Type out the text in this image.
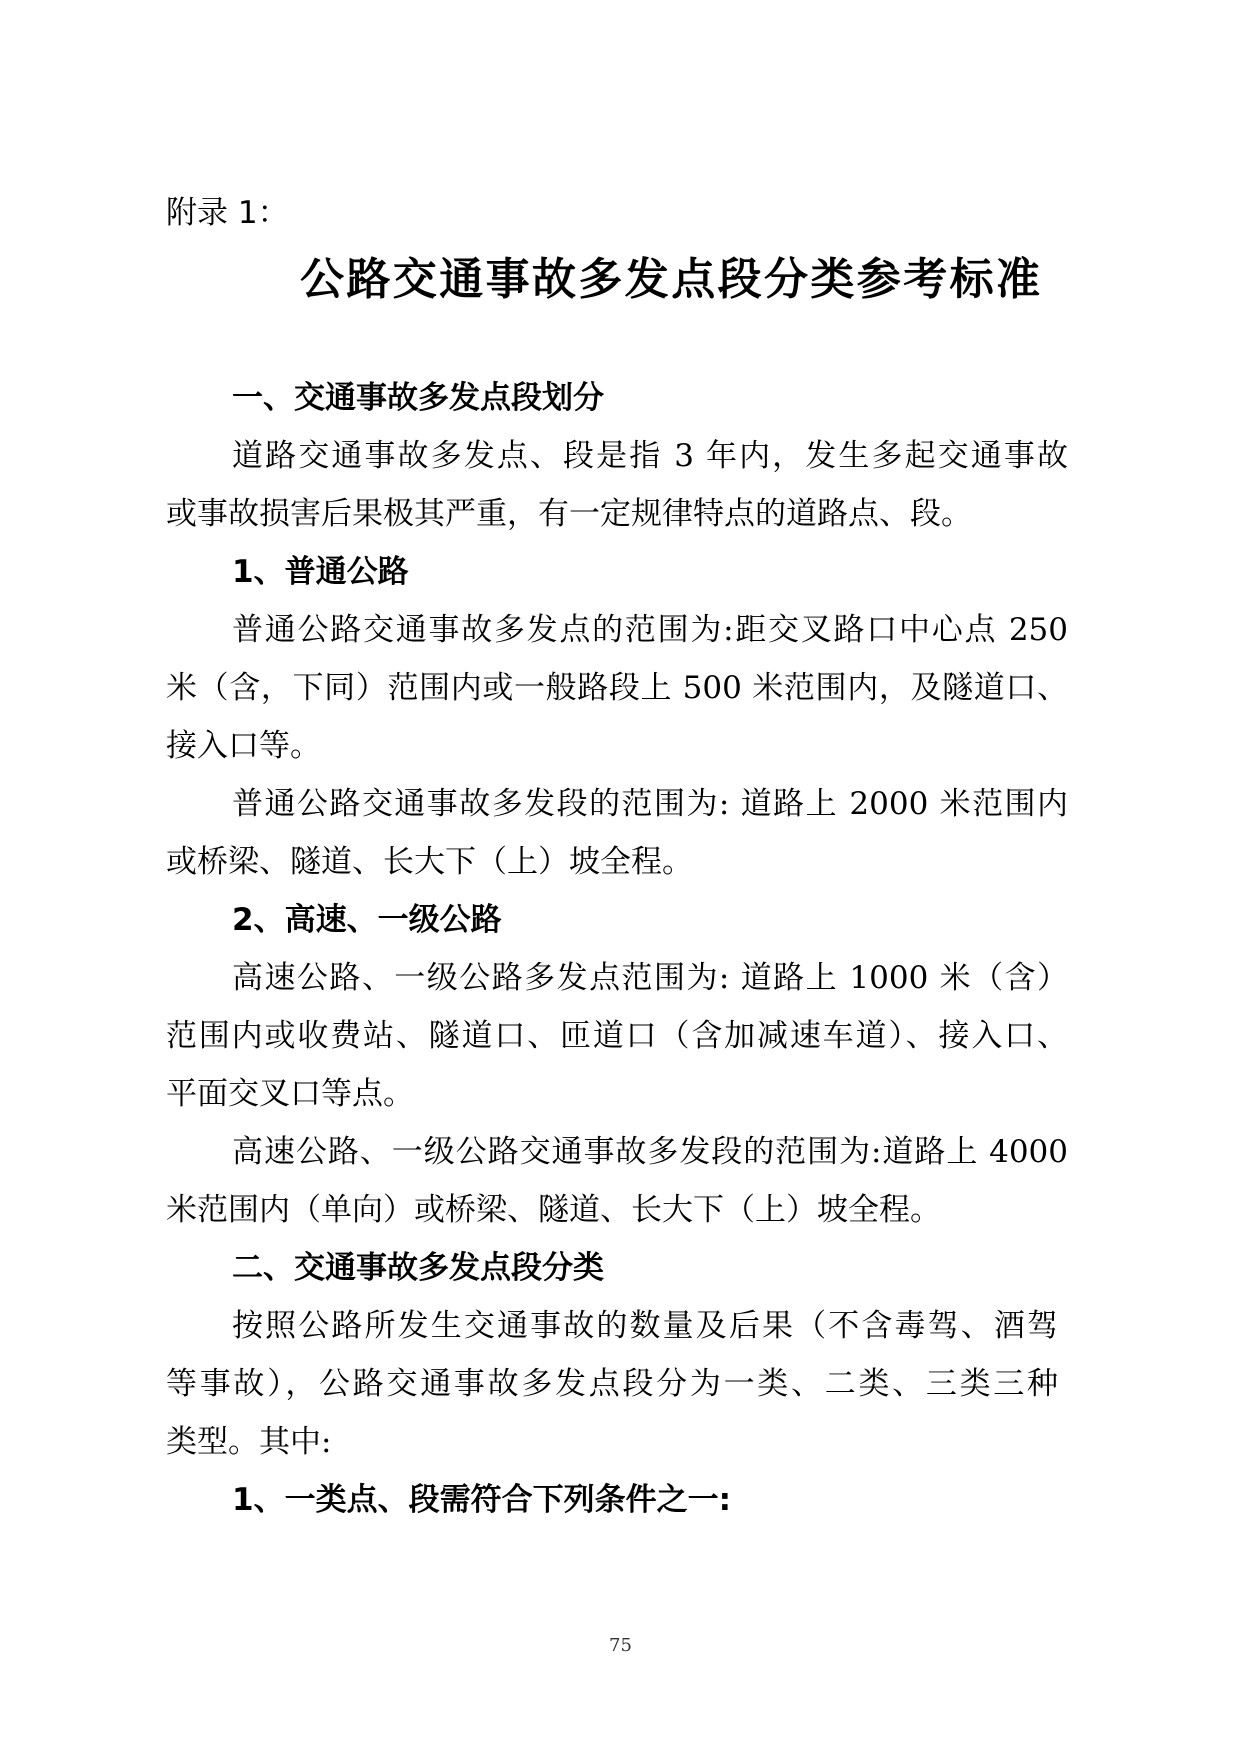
附录 1：
公路交通事故多发点段分类参考标准
一、交通事故多发点段划分
道路交通事故多发点、段是指 3 年内，发生多起交通事故
或事故损害后果极其严重，有一定规律特点的道路点、段。
1、普通公路
普通公路交通事故多发点的范围为:距交叉路口中心点 250
米（含，下同）范围内或一般路段上 500 米范围内，及隧道口、
接入口等。
普通公路交通事故多发段的范围为: 道路上 2000 米范围内
或桥梁、隧道、长大下（上）坡全程。
2、高速、一级公路
高速公路、一级公路多发点范围为: 道路上 1000 米（含）
范围内或收费站、隧道口、匝道口（含加减速车道）、接入口、
平面交叉口等点。
高速公路、一级公路交通事故多发段的范围为:道路上 4000
米范围内（单向）或桥梁、隧道、长大下（上）坡全程。
二、交通事故多发点段分类
按照公路所发生交通事故的数量及后果（不含毒驾、酒驾
等事故），公路交通事故多发点段分为一类、二类、三类三种
类型。其中:
1、一类点、段需符合下列条件之一:
75
